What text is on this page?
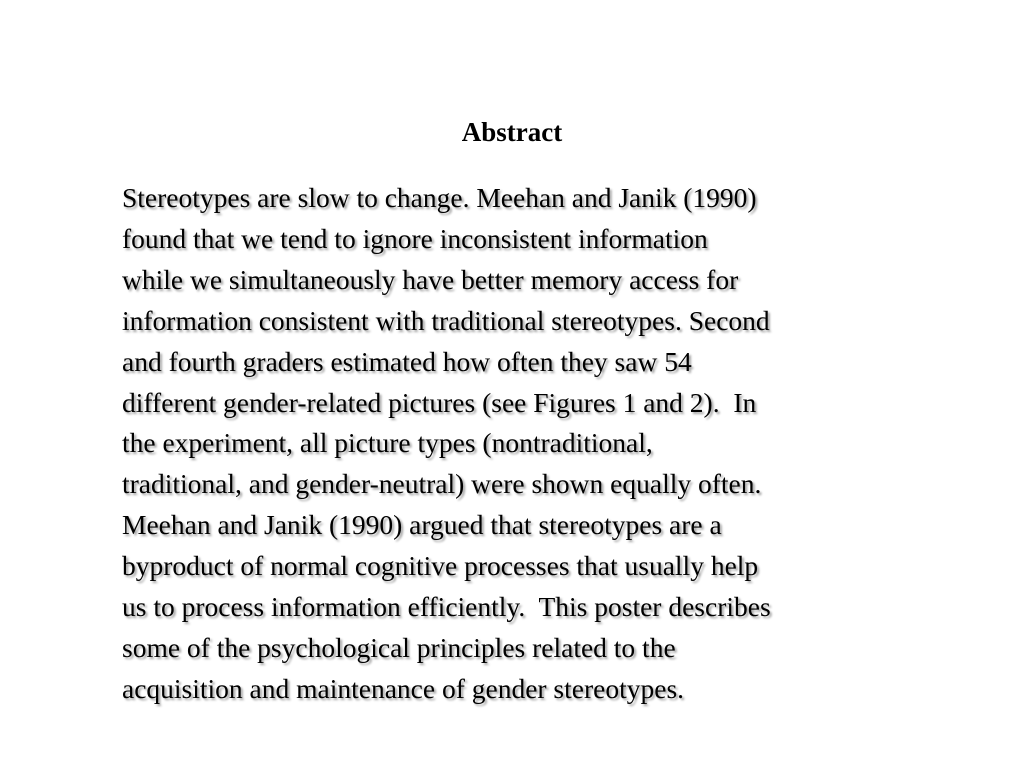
Abstract

Stereotypes are slow to change. Meehan and Janik (1990)
found that we tend to ignore inconsistent information
while we simultaneously have better memory access for
information consistent with traditional stereotypes. Second
and fourth graders estimated how often they saw 54
different gender-related pictures (see Figures 1 and 2).  In
the experiment, all picture types (nontraditional,
traditional, and gender-neutral) were shown equally often.
Meehan and Janik (1990) argued that stereotypes are a
byproduct of normal cognitive processes that usually help
us to process information efficiently.  This poster describes
some of the psychological principles related to the
acquisition and maintenance of gender stereotypes.
